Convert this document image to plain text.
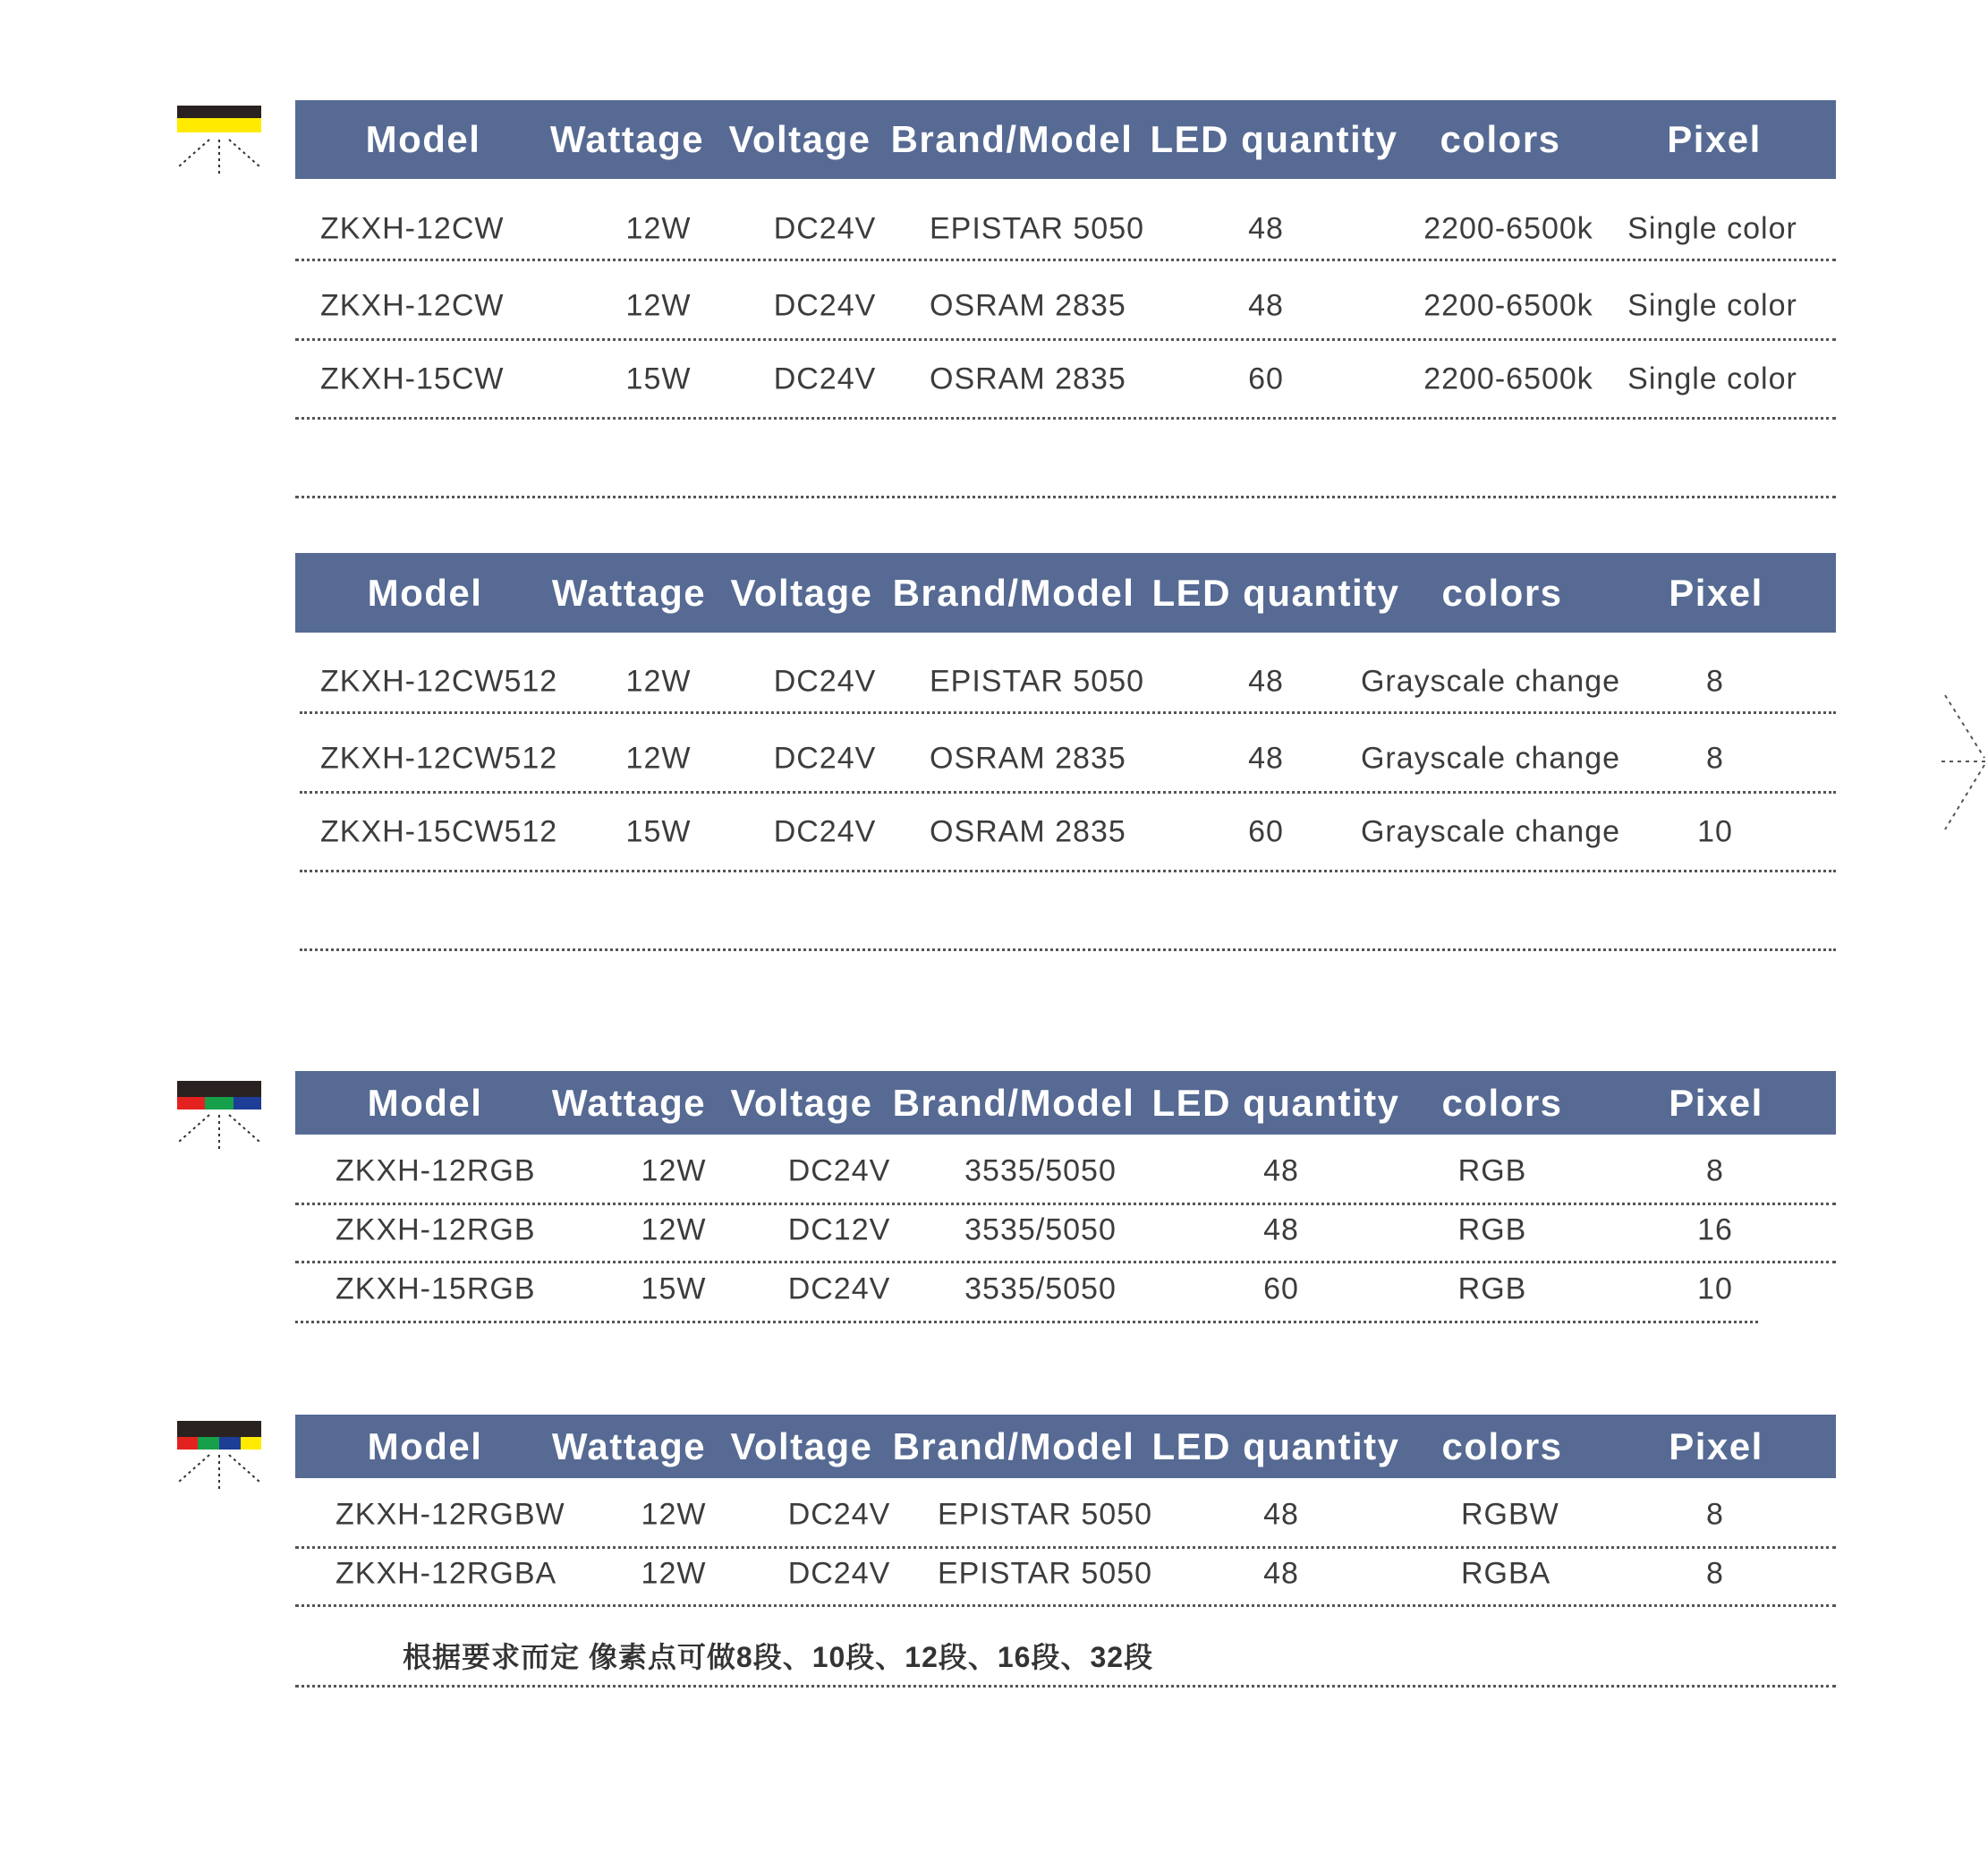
Model Wattage Voltage Brand/Model LED quantity colors	Pixel
ZKXH-12CW	12W	DC24V EPISTAR 5050	48	2200-6500k Single color
ZKXH-12CW	12W	DC24V OSRAM 2835	48	2200-6500k Single color
ZKXH-15CW	15W	DC24V OSRAM 2835	60	2200-6500k Single color
Model Wattage Voltage Brand/Model LED quantity colors	Pixel
ZKXH-12CW512 12W	DC24V EPISTAR 5050	48	Grayscale change	8
ZKXH-12CW512 12W	DC24V OSRAM 2835	48	Grayscale change	8
ZKXH-15CW512 15W	DC24V OSRAM 2835	60	Grayscale change	10
Model Wattage Voltage Brand/Model LED quantity colors	Pixel
ZKXH-12RGB	12W	DC24V 3535/5050	48	RGB	8
ZKXH-12RGB	12W	DC12V 3535/5050	48	RGB	16
ZKXH-15RGB	15W	DC24V 3535/5050	60	RGB	10
Model Wattage Voltage Brand/Model LED quantity colors	Pixel
ZKXH-12RGBW 12W	DC24V EPISTAR 5050	48	RGBW	8
ZKXH-12RGBA	12W	DC24V EPISTAR 5050	48	RGBA	8
根据要求而定 像素点可做8段、10段、12段、16段、32段
